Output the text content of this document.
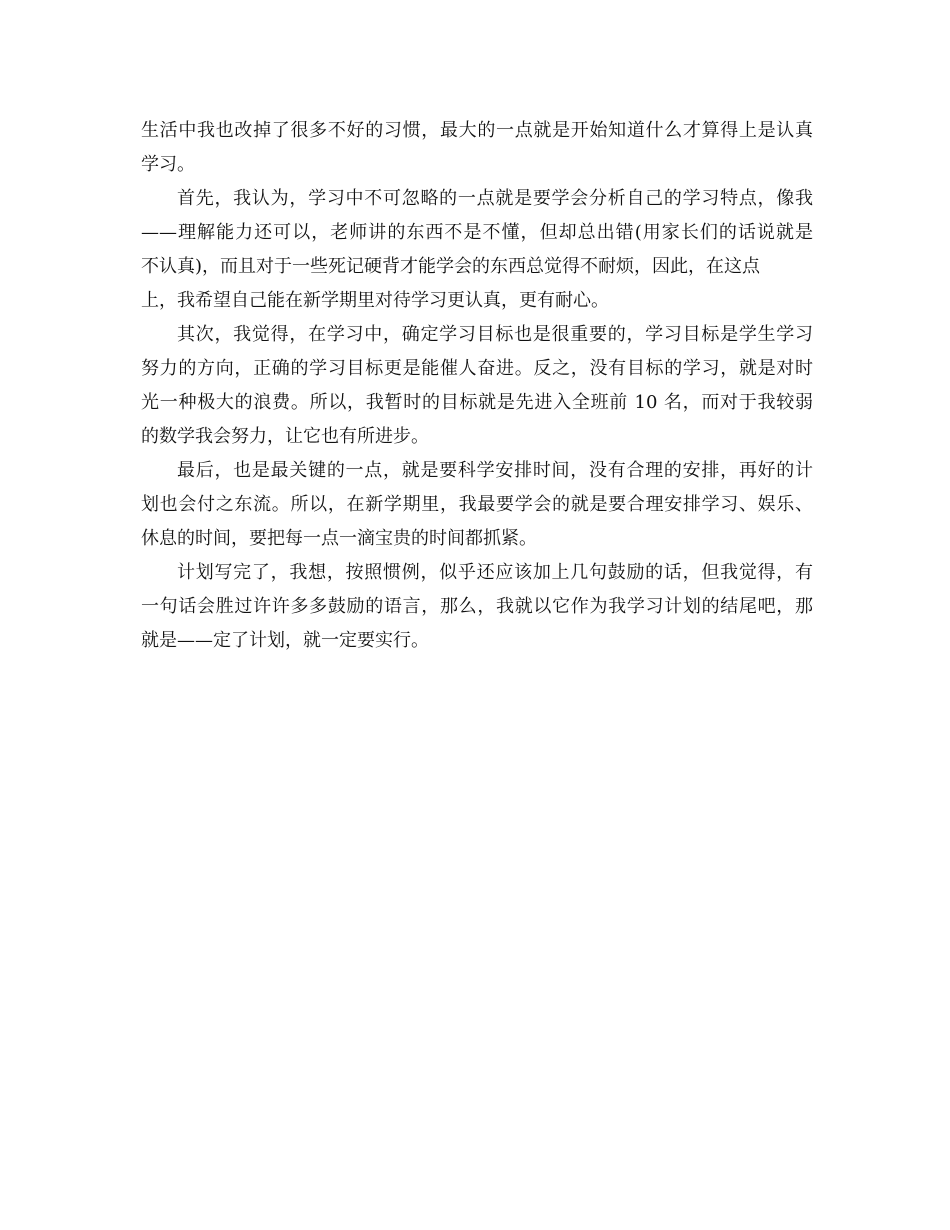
生活中我也改掉了很多不好的习惯，最大的一点就是开始知道什么才算得上是认真
学习。
首先，我认为，学习中不可忽略的一点就是要学会分析自己的学习特点，像我
——理解能力还可以，老师讲的东西不是不懂，但却总出错(用家长们的话说就是
不认真)，而且对于一些死记硬背才能学会的东西总觉得不耐烦，因此，在这点
上，我希望自己能在新学期里对待学习更认真，更有耐心。
其次，我觉得，在学习中，确定学习目标也是很重要的，学习目标是学生学习
努力的方向，正确的学习目标更是能催人奋进。反之，没有目标的学习，就是对时
光一种极大的浪费。所以，我暂时的目标就是先进入全班前 10 名，而对于我较弱
的数学我会努力，让它也有所进步。
最后，也是最关键的一点，就是要科学安排时间，没有合理的安排，再好的计
划也会付之东流。所以，在新学期里，我最要学会的就是要合理安排学习、娱乐、
休息的时间，要把每一点一滴宝贵的时间都抓紧。
计划写完了，我想，按照惯例，似乎还应该加上几句鼓励的话，但我觉得，有
一句话会胜过许许多多鼓励的语言，那么，我就以它作为我学习计划的结尾吧，那
就是——定了计划，就一定要实行。
